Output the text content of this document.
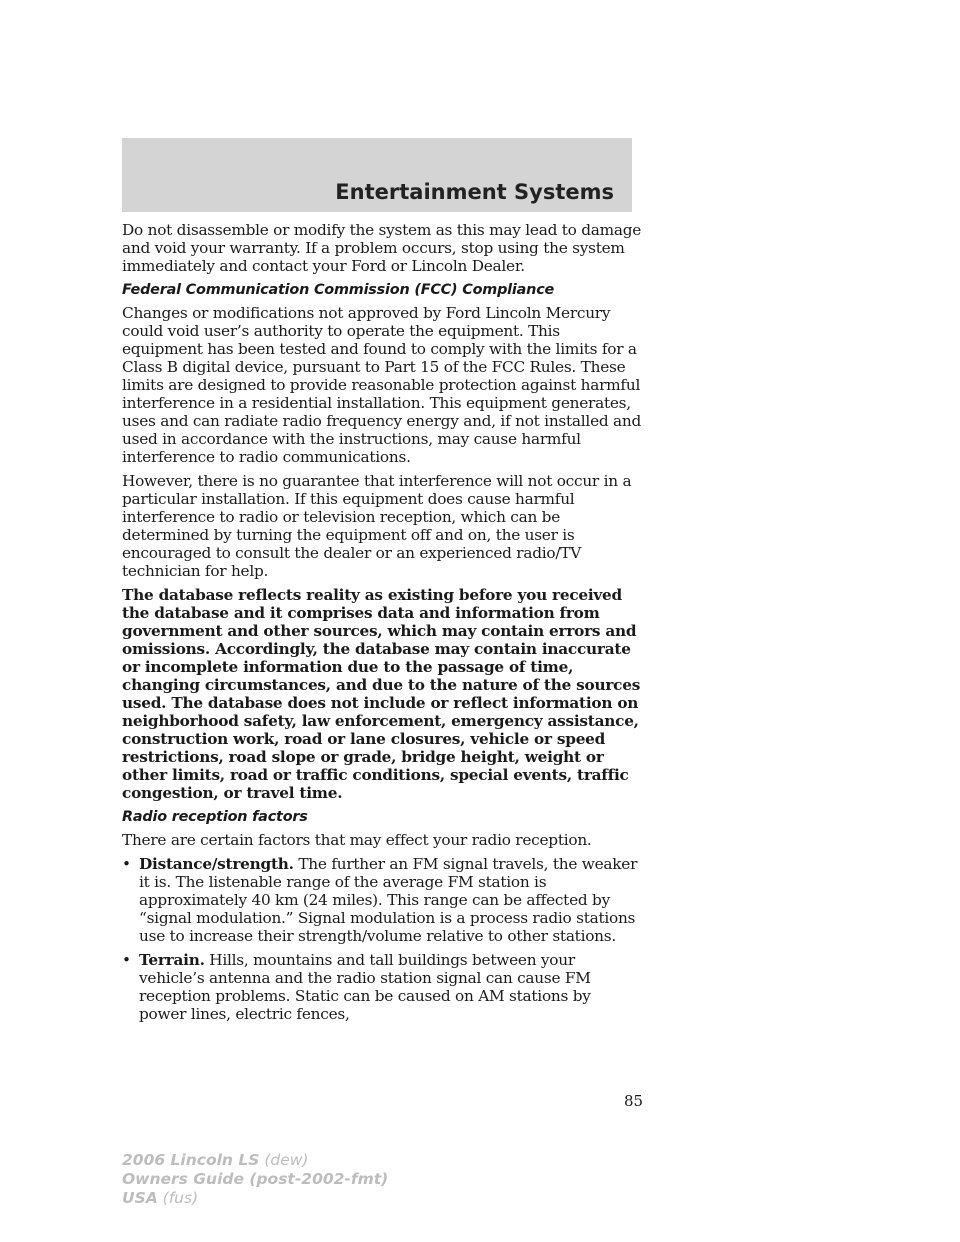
Entertainment Systems

Do not disassemble or modify the system as this may lead to damage and void your warranty. If a problem occurs, stop using the system immediately and contact your Ford or Lincoln Dealer.

Federal Communication Commission (FCC) Compliance

Changes or modifications not approved by Ford Lincoln Mercury could void user’s authority to operate the equipment. This equipment has been tested and found to comply with the limits for a Class B digital device, pursuant to Part 15 of the FCC Rules. These limits are designed to provide reasonable protection against harmful interference in a residential installation. This equipment generates, uses and can radiate radio frequency energy and, if not installed and used in accordance with the instructions, may cause harmful interference to radio communications.

However, there is no guarantee that interference will not occur in a particular installation. If this equipment does cause harmful interference to radio or television reception, which can be determined by turning the equipment off and on, the user is encouraged to consult the dealer or an experienced radio/TV technician for help.

The database reflects reality as existing before you received the database and it comprises data and information from government and other sources, which may contain errors and omissions. Accordingly, the database may contain inaccurate or incomplete information due to the passage of time, changing circumstances, and due to the nature of the sources used. The database does not include or reflect information on neighborhood safety, law enforcement, emergency assistance, construction work, road or lane closures, vehicle or speed restrictions, road slope or grade, bridge height, weight or other limits, road or traffic conditions, special events, traffic congestion, or travel time.

Radio reception factors

There are certain factors that may effect your radio reception.

• Distance/strength. The further an FM signal travels, the weaker it is. The listenable range of the average FM station is approximately 40 km (24 miles). This range can be affected by “signal modulation.” Signal modulation is a process radio stations use to increase their strength/volume relative to other stations.
• Terrain. Hills, mountains and tall buildings between your vehicle’s antenna and the radio station signal can cause FM reception problems. Static can be caused on AM stations by power lines, electric fences,
85
2006 Lincoln LS (dew)
Owners Guide (post-2002-fmt)
USA (fus)
